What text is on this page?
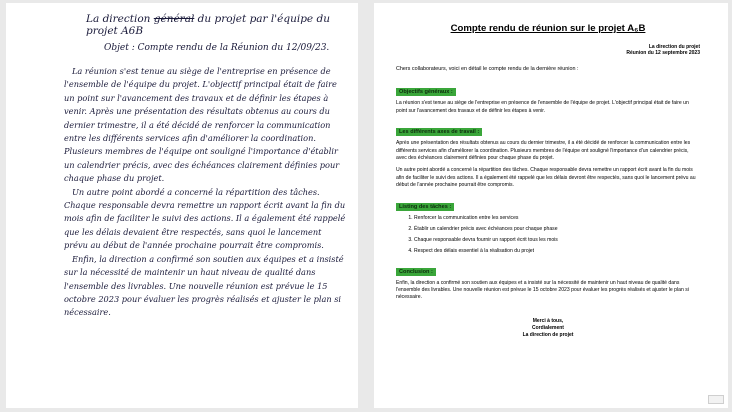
La direction général du projet par l'équipe du projet A6B

Objet : Compte rendu de la Réunion du 12/09/23.

La réunion s'est tenue au siège de l'entreprise en présence de l'ensemble de l'équipe du projet. L'objectif principal était de faire un point sur l'avancement des travaux et de définir les étapes à venir. Après une présentation des résultats obtenus au cours du dernier trimestre, il a été décidé de renforcer la communication entre les différents services afin d'améliorer la coordination. Plusieurs membres de l'équipe ont souligné l'importance d'établir un calendrier précis, avec des échéances clairement définies pour chaque phase du projet.

Un autre point abordé a concerné la répartition des tâches. Chaque responsable devra remettre un rapport écrit avant la fin du mois afin de faciliter le suivi des actions. Il a également été rappelé que les délais devaient être respectés, sans quoi le lancement prévu au début de l'année prochaine pourrait être compromis.

Enfin, la direction a confirmé son soutien aux équipes et a insisté sur la nécessité de maintenir un haut niveau de qualité dans l'ensemble des livrables. Une nouvelle réunion est prévue le 15 octobre 2023 pour évaluer les progrès réalisés et ajuster le plan si nécessaire.

Compte rendu de réunion sur le projet A₆B

La direction du projet
Réunion du 12 septembre 2023

Chers collaborateurs, voici en détail le compte rendu de la dernière réunion :

Objectifs généraux :

La réunion s'est tenue au siège de l'entreprise en présence de l'ensemble de l'équipe de projet. L'objectif principal était de faire un point sur l'avancement des travaux et de définir les étapes à venir.

Les différents axes de travail :

Après une présentation des résultats obtenus au cours du dernier trimestre, il a été décidé de renforcer la communication entre les différents services afin d'améliorer la coordination. Plusieurs membres de l'équipe ont souligné l'importance d'un calendrier précis, avec des échéances clairement définies pour chaque phase du projet.

Un autre point abordé a concerné la répartition des tâches. Chaque responsable devra remettre un rapport écrit avant la fin du mois afin de faciliter le suivi des actions. Il a également été rappelé que les délais devront être respectés, sans quoi le lancement prévu au début de l'année prochaine pourrait être compromis.

Listing des tâches :
1. Renforcer la communication entre les services
2. Établir un calendrier précis avec échéances pour chaque phase
3. Chaque responsable devra fournir un rapport écrit tous les mois
4. Respect des délais essentiel à la réalisation du projet
Conclusion :

Enfin, la direction a confirmé son soutien aux équipes et a insisté sur la nécessité de maintenir un haut niveau de qualité dans l'ensemble des livrables. Une nouvelle réunion est prévue le 15 octobre 2023 pour évaluer les progrès réalisés et ajuster le plan si nécessaire.

Merci à tous,
Cordialement
La direction de projet
